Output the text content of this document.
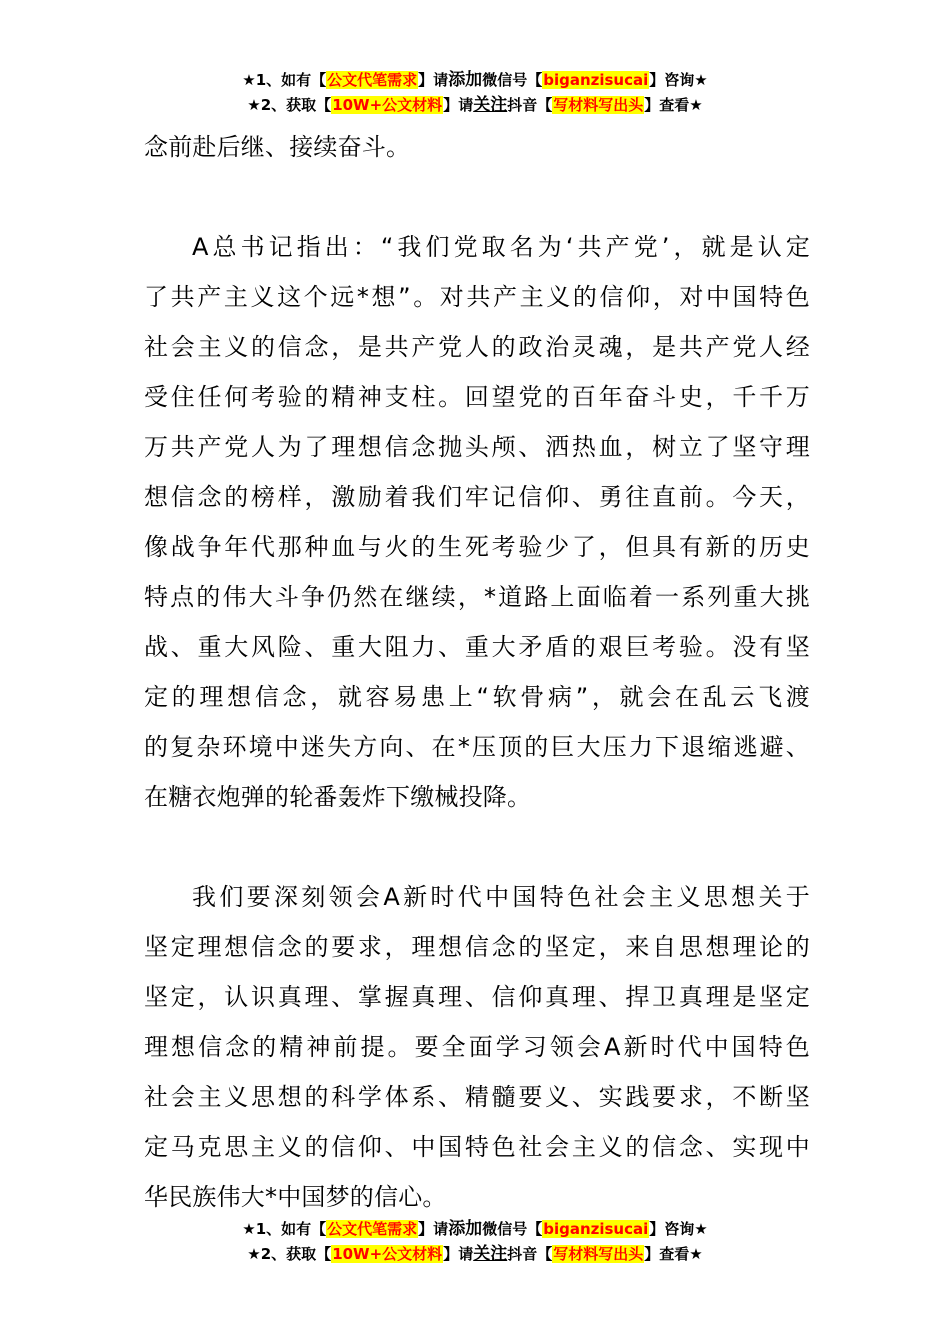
★1、如有【公文代笔需求】请添加微信号【biganzisucai】咨询★
★2、获取【10W+公文材料】请关注抖音【写材料写出头】查看★
念前赴后继、接续奋斗。
A总书记指出：“我们党取名为‘共产党’，就是认定
了共产主义这个远*想”。对共产主义的信仰，对中国特色
社会主义的信念，是共产党人的政治灵魂，是共产党人经
受住任何考验的精神支柱。回望党的百年奋斗史，千千万
万共产党人为了理想信念抛头颅、洒热血，树立了坚守理
想信念的榜样，激励着我们牢记信仰、勇往直前。今天，
像战争年代那种血与火的生死考验少了，但具有新的历史
特点的伟大斗争仍然在继续，*道路上面临着一系列重大挑
战、重大风险、重大阻力、重大矛盾的艰巨考验。没有坚
定的理想信念，就容易患上“软骨病”，就会在乱云飞渡
的复杂环境中迷失方向、在*压顶的巨大压力下退缩逃避、
在糖衣炮弹的轮番轰炸下缴械投降。
我们要深刻领会A新时代中国特色社会主义思想关于
坚定理想信念的要求，理想信念的坚定，来自思想理论的
坚定，认识真理、掌握真理、信仰真理、捍卫真理是坚定
理想信念的精神前提。要全面学习领会A新时代中国特色
社会主义思想的科学体系、精髓要义、实践要求，不断坚
定马克思主义的信仰、中国特色社会主义的信念、实现中
华民族伟大*中国梦的信心。
★1、如有【公文代笔需求】请添加微信号【biganzisucai】咨询★
★2、获取【10W+公文材料】请关注抖音【写材料写出头】查看★
